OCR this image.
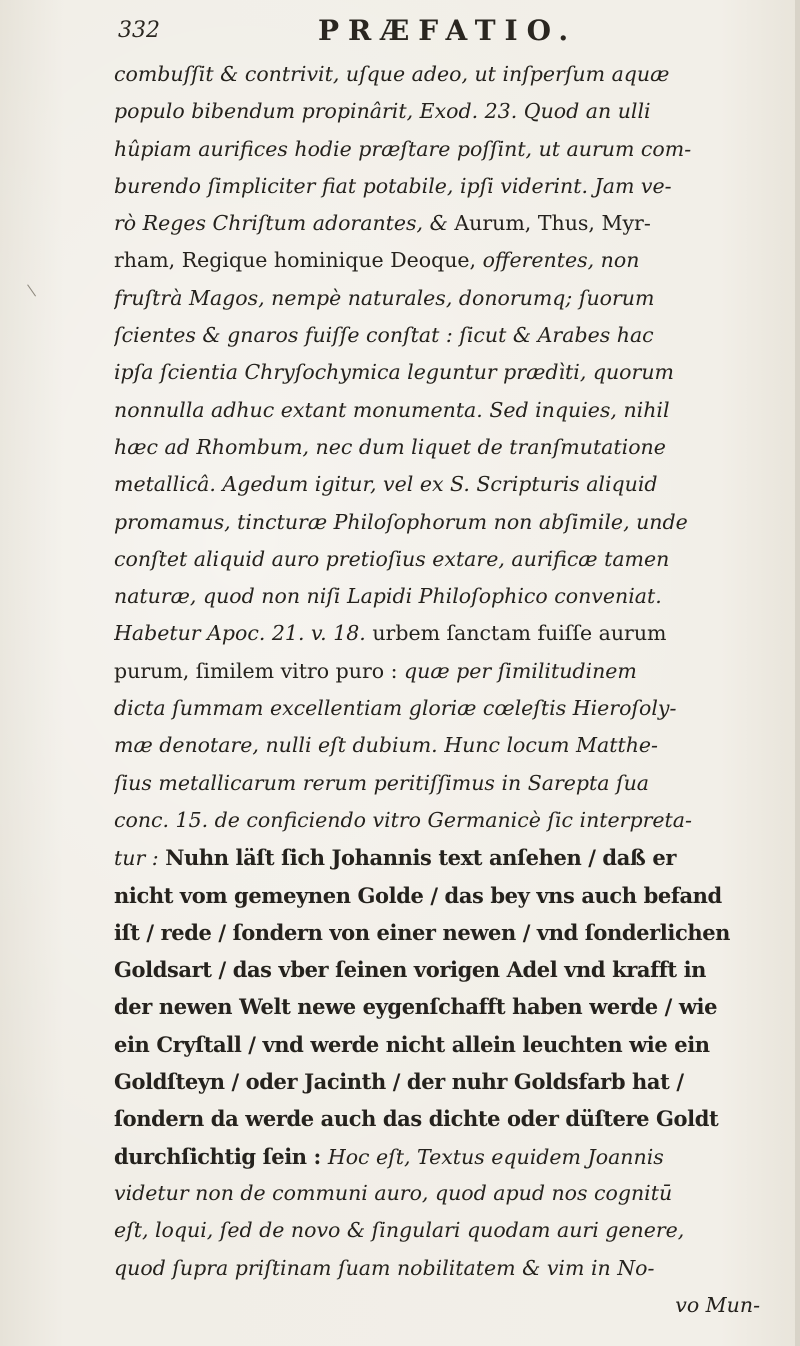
332	PRÆFATIO.
combuſſit & contrivit, uſque adeo, ut inſperſum aquæ
populo bibendum propinârit, Exod. 23. Quod an ulli
hûpiam aurifices hodie præſtare poſſint, ut aurum com-
burendo ſimpliciter fiat potabile, ipſi viderint. Jam ve-
rò Reges Chriſtum adorantes, & Aurum, Thus, Myr-
rham, Regique hominique Deoque, offerentes, non
fruſtrà Magos, nempè naturales, donorumq; ſuorum
ſcientes & gnaros fuiſſe conſtat : ſicut & Arabes hac
ipſa ſcientia Chryſochymica leguntur prædìti, quorum
nonnulla adhuc extant monumenta. Sed inquies, nihil
hæc ad Rhombum, nec dum liquet de tranſmutatione
metallicâ. Agedum igitur, vel ex S. Scripturis aliquid
promamus, tincturæ Philoſophorum non abſimile, unde
conſtet aliquid auro pretioſius extare, aurificæ tamen
naturæ, quod non niſi Lapidi Philoſophico conveniat.
Habetur Apoc. 21. v. 18. urbem ſanctam fuiſſe aurum
purum, ſimilem vitro puro : quæ per ſimilitudinem
dicta ſummam excellentiam gloriæ cœleſtis Hieroſoly-
mæ denotare, nulli eſt dubium. Hunc locum Matthe-
ſius metallicarum rerum peritiſſimus in Sarepta ſua
conc. 15. de conficiendo vitro Germanicè ſic interpreta-
tur : Nuhn läſt ſich Johannis text anſehen / daß er
nicht vom gemeynen Golde / das bey vns auch befand
iſt / rede / ſondern von einer newen / vnd ſonderlichen
Goldsart / das vber ſeinen vorigen Adel vnd krafft in
der newen Welt newe eygenſchafft haben werde / wie
ein Cryſtall / vnd werde nicht allein leuchten wie ein
Goldſteyn / oder Jacinth / der nuhr Goldsfarb hat /
ſondern da werde auch das dichte oder düſtere Goldt
durchſichtig ſein : Hoc eſt, Textus equidem Joannis
videtur non de communi auro, quod apud nos cognitū
eſt, loqui, ſed de novo & ſingulari quodam auri genere,
quod ſupra priſtinam ſuam nobilitatem & vim in No-
vo Mun-
